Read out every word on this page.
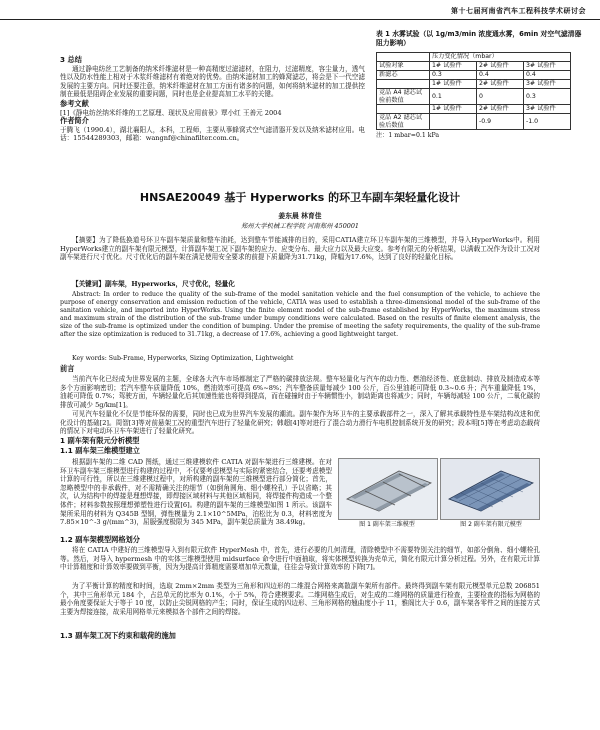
第十七届河南省汽车工程科技学术研讨会

3 总结

通过静电纺丝工艺制备的纳米纤维滤材是一种高精度过滤滤材，在阻力，过滤精度，容尘量力，透气性以及防水性能上相对于木浆纤维滤材有着绝对的优势。由纳米滤材加工的蜂窝滤芯，将会是下一代空滤发展的主要方向。同时还要注意，纳米纤维滤材在加工方面有诸多的问题，如何将纳米滤材的加工提供控制在最低是阻碍企业发展的重要问题，同时也是企业提高加工水平的关键。

参考文献

[1]《静电纺丝纳米纤维的工艺原理、现状及应用前景》覃小红 王善元 2004

作者简介

于腾飞（1990.4），湖北襄阳人，本科，工程师，主要从事蜂窝式空气滤清器开发以及纳米滤材应用。电话：15544289303，邮箱：wangnf@chinafilter.com.cn。

表 1 水雾试验（以 1g/m3/min 浓度通水雾，6min 对空气滤清器阻力影响）

	压力变化情况（mbar）		
试验对象	1# 试验件	2# 试验件	3# 试验件
新滤芯	0.3	0.4	0.4
	1# 试验件	2# 试验件	3# 试验件
竞品 A4 滤芯试验前数值	0.1	0	0.3
	1# 试验件	2# 试验件	3# 试验件
竞品 A2 滤芯试验后数值		-0.9	-1.0

注：1 mbar=0.1 kPa

HNSAE20049 基于 Hyperworks 的环卫车副车架轻量化设计
姜东晨 林育佳
郑州大学机械工程学院 河南郑州 450001
【摘要】为了降低换道号环卫车副车架质量和整车油耗，达到整车节能减排的目的，采用CATIA建立环卫车副车架的三维模型，并导入HyperWorks中。利用HyperWorks建立的副车架有限元模型，计算副车架工况下副车架的应力、应变分布、最大应力以及最大应变。参考有限元的分析结果，以满载工况作为设计工况对副车架进行尺寸优化。尺寸优化后的副车架在满足使用安全要求的前提下质量降为31.71kg，降幅为17.6%，达到了良好的轻量化目标。
【关键词】副车架，Hyperworks，尺寸优化，轻量化
Abstract: In order to reduce the quality of the sub-frame of the model sanitation vehicle and the fuel consumption of the vehicle, to achieve the purpose of energy conservation and emission reduction of the vehicle, CATIA was used to establish a three-dimensional model of the sub-frame of the sanitation vehicle, and imported into HyperWorks. Using the finite element model of the sub-frame established by HyperWorks, the maximum stress and maximum strain of the distribution of the sub-frame under bumpy conditions were calculated. Based on the results of finite element analysis, the size of the sub-frame is optimized under the condition of bumping. Under the premise of meeting the safety requirements, the quality of the sub-frame after the size optimization is reduced to 31.71kg, a decrease of 17.6%, achieving a good lightweight target.
Key words: Sub-Frame, Hyperworks, Sizing Optimization, Lightweight
前言
当前汽车化已经成为世界发展的主题，全球各大汽车市场都制定了严格的碳排放法规。整车轻量化与汽车的动力性、燃油经济性、底盘制动、排放及制造成本等多个方面影响密切；若汽车整车质量降低 10%，燃油效率可提高 6%~8%；汽车整备质量每减少 100 公斤，百公里油耗可降低 0.3~0.6 升；汽车重量降低 1%，油耗可降低 0.7%；驾驶方面，车辆轻量化后其加速性能也将得到提高，而在碰撞时由于车辆惯性小，制动距离也将减少；同时，车辆每减轻 100 公斤，二氧化碳的排放可减少 5g/km[1]。
可见汽车轻量化不仅是节能环保的需要，同时也已成为世界汽车发展的潮流。副车架作为环卫车的主要承载部件之一，深入了解其承载特性是车架结构改进和优化设计的基础[2]。周智[3]等对前悬架工况的重型汽车进行了轻量化研究；韩超[4]等对进行了混合动力滑行车电机控制系统开发的研究；段本明[5]等在考虑动态载荷的情况下对电动环卫车车架进行了轻量化研究。
1 副车架有限元分析模型
1.1 副车架三维模型建立
图 1 副车架三维模型	图 2 副车架有限元模型

根据副车架的二维 CAD 图纸，通过三维建模软件 CATIA 对副车架进行三维建模。在对环卫车副车架三维模型进行构建的过程中，不仅要考虑模型与实际的紧密结合，还要考虑模型计算的可行性，所以在三维建模过程中，对所构建的副车架的三维模型进行部分简化；首先，忽略模型中的非承载件，对不需精确关注的细节（如倒角圆角、细小螺栓孔）予以省略；其次，认为结构中的焊接是理想焊接，即焊接区域材料与其他区域相同，将焊接件构造成一个整体件；材料参数按照理想弹塑性进行设置[6]。构建的副车架的三维模型如图 1 所示。该副车架所采用的材料为 Q345B 型钢，弹性模量为 2.1×10^5MPa，泊松比为 0.3，材料密度为 7.85×10^-3 g/(mm^3)，屈服强度极限为 345 MPa，副车架总质量为 38.49kg。

1.2 副车架模型网格划分
将在 CATIA 中建好的三维模型导入到有限元软件 HyperMesh 中，首先，进行必要的几何清理，清除模型中不需要特别关注的细节，如部分倒角、细小螺栓孔等。然后，对导入 hypermesh 中的实体三维模型使用 midsurface 命令进行中面抽取，将实体模型转换为壳单元，简化有限元计算分析过程。另外，在有限元计算中计算精度和计算效率要做到平衡，因为为提高计算精度需要增加单元数量，往往会导致计算效率的下降[7]。
为了平衡计算的精度和时间，选取 2mm×2mm 类型为三角形和四边形的二维混合网格来离散副车架所有部件。最终得到副车架有限元模型单元总数 206851 个，其中三角形单元 184 个，占总单元的比率为 0.1%，小于 5%，符合建模要求。二维网格生成后，对生成的二维网格的质量进行检查，主要检查的指标为网格的最小角度要保证大于等于 10 度，以防止尖锐网格的产生；同时，保证生成的四边形、三角形网格的翘曲度小于 11，雅阁比大于 0.6，副车架各零件之间的连接方式主要为焊接连接，故采用网格单元来模拟各个部件之间的焊接。
1.3 副车架工况下约束和载荷的施加
